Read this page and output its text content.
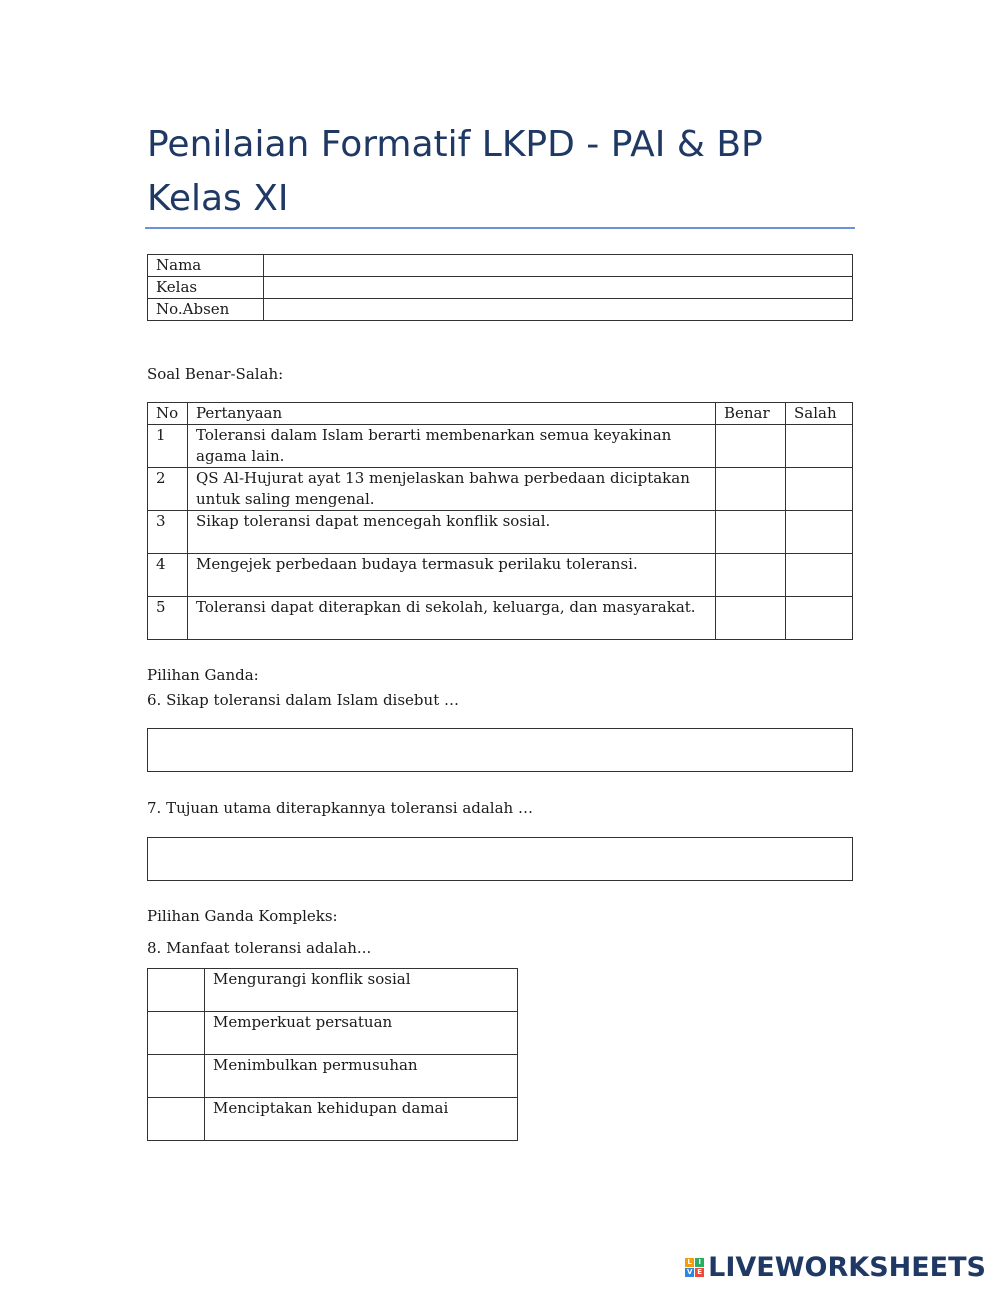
Penilaian Formatif LKPD - PAI & BP Kelas XI
Nama	
Kelas	
No.Absen	
Soal Benar-Salah:
No	Pertanyaan	Benar	Salah
1	Toleransi dalam Islam berarti membenarkan semua keyakinan agama lain.		
2	QS Al-Hujurat ayat 13 menjelaskan bahwa perbedaan diciptakan untuk saling mengenal.		
3	Sikap toleransi dapat mencegah konflik sosial.		
4	Mengejek perbedaan budaya termasuk perilaku toleransi.		
5	Toleransi dapat diterapkan di sekolah, keluarga, dan masyarakat.		
Pilihan Ganda:
6. Sikap toleransi dalam Islam disebut …
7. Tujuan utama diterapkannya toleransi adalah …
Pilihan Ganda Kompleks:
8. Manfaat toleransi adalah...
	Mengurangi konflik sosial
	Memperkuat persatuan
	Menimbulkan permusuhan
	Menciptakan kehidupan damai
L I
V E LIVEWORKSHEETS
